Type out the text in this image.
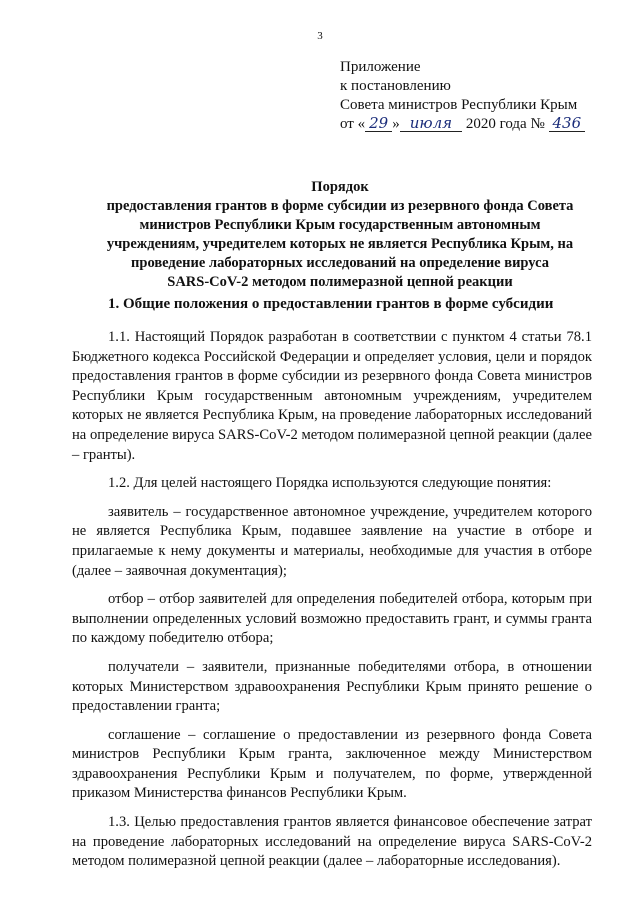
3
Приложение
к постановлению
Совета министров Республики Крым
от « 29 » июля 2020 года № 436
Порядок
предоставления грантов в форме субсидии из резервного фонда Совета
министров Республики Крым государственным автономным
учреждениям, учредителем которых не является Республика Крым, на
проведение лабораторных исследований на определение вируса
SARS-CoV-2 методом полимеразной цепной реакции
1. Общие положения о предоставлении грантов в форме субсидии

1.1. Настоящий Порядок разработан в соответствии с пунктом 4 статьи 78.1 Бюджетного кодекса Российской Федерации и определяет условия, цели и порядок предоставления грантов в форме субсидии из резервного фонда Совета министров Республики Крым государственным автономным учреждениям, учредителем которых не является Республика Крым, на проведение лабораторных исследований на определение вируса SARS-CoV-2 методом полимеразной цепной реакции (далее – гранты).

1.2. Для целей настоящего Порядка используются следующие понятия:

заявитель – государственное автономное учреждение, учредителем которого не является Республика Крым, подавшее заявление на участие в отборе и прилагаемые к нему документы и материалы, необходимые для участия в отборе (далее – заявочная документация);

отбор – отбор заявителей для определения победителей отбора, которым при выполнении определенных условий возможно предоставить грант, и суммы гранта по каждому победителю отбора;

получатели – заявители, признанные победителями отбора, в отношении которых Министерством здравоохранения Республики Крым принято решение о предоставлении гранта;

соглашение – соглашение о предоставлении из резервного фонда Совета министров Республики Крым гранта, заключенное между Министерством здравоохранения Республики Крым и получателем, по форме, утвержденной приказом Министерства финансов Республики Крым.

1.3. Целью предоставления грантов является финансовое обеспечение затрат на проведение лабораторных исследований на определение вируса SARS-CoV-2 методом полимеразной цепной реакции (далее – лабораторные исследования).
